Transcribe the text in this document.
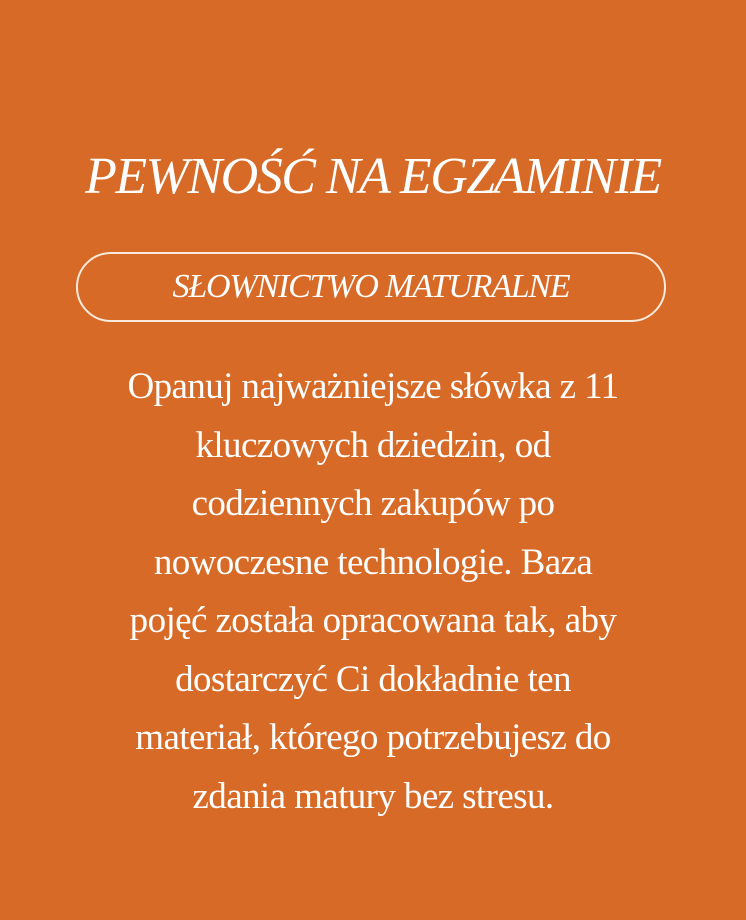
PEWNOŚĆ NA EGZAMINIE
SŁOWNICTWO MATURALNE

Opanuj najważniejsze słówka z 11
kluczowych dziedzin, od
codziennych zakupów po
nowoczesne technologie. Baza
pojęć została opracowana tak, aby
dostarczyć Ci dokładnie ten
materiał, którego potrzebujesz do
zdania matury bez stresu.
